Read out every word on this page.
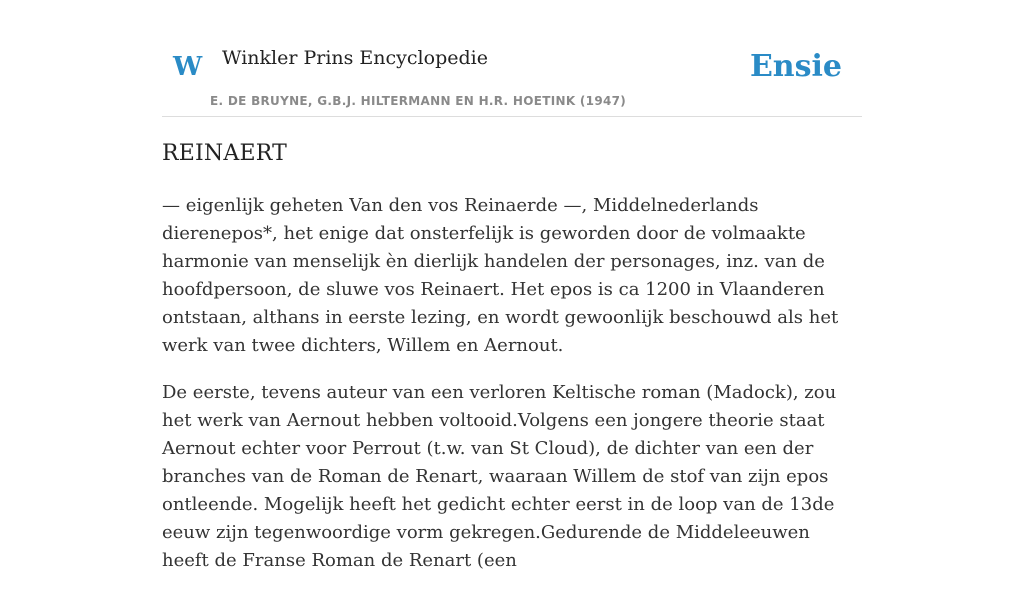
W Winkler Prins Encyclopedie
E. DE BRUYNE, G.B.J. HILTERMANN EN H.R. HOETINK (1947)
Ensie
REINAERT

— eigenlijk geheten Van den vos Reinaerde —, Middelnederlands dierenepos*, het enige dat onsterfelijk is geworden door de volmaakte harmonie van menselijk èn dierlijk handelen der personages, inz. van de hoofdpersoon, de sluwe vos Reinaert. Het epos is ca 1200 in Vlaanderen ontstaan, althans in eerste lezing, en wordt gewoonlijk beschouwd als het werk van twee dichters, Willem en Aernout.

De eerste, tevens auteur van een verloren Keltische roman (Madock), zou het werk van Aernout hebben voltooid.Volgens een jongere theorie staat Aernout echter voor Perrout (t.w. van St Cloud), de dichter van een der branches van de Roman de Renart, waaraan Willem de stof van zijn epos ontleende. Mogelijk heeft het gedicht echter eerst in de loop van de 13de eeuw zijn tegenwoordige vorm gekregen.Gedurende de Middeleeuwen heeft de Franse Roman de Renart (een
